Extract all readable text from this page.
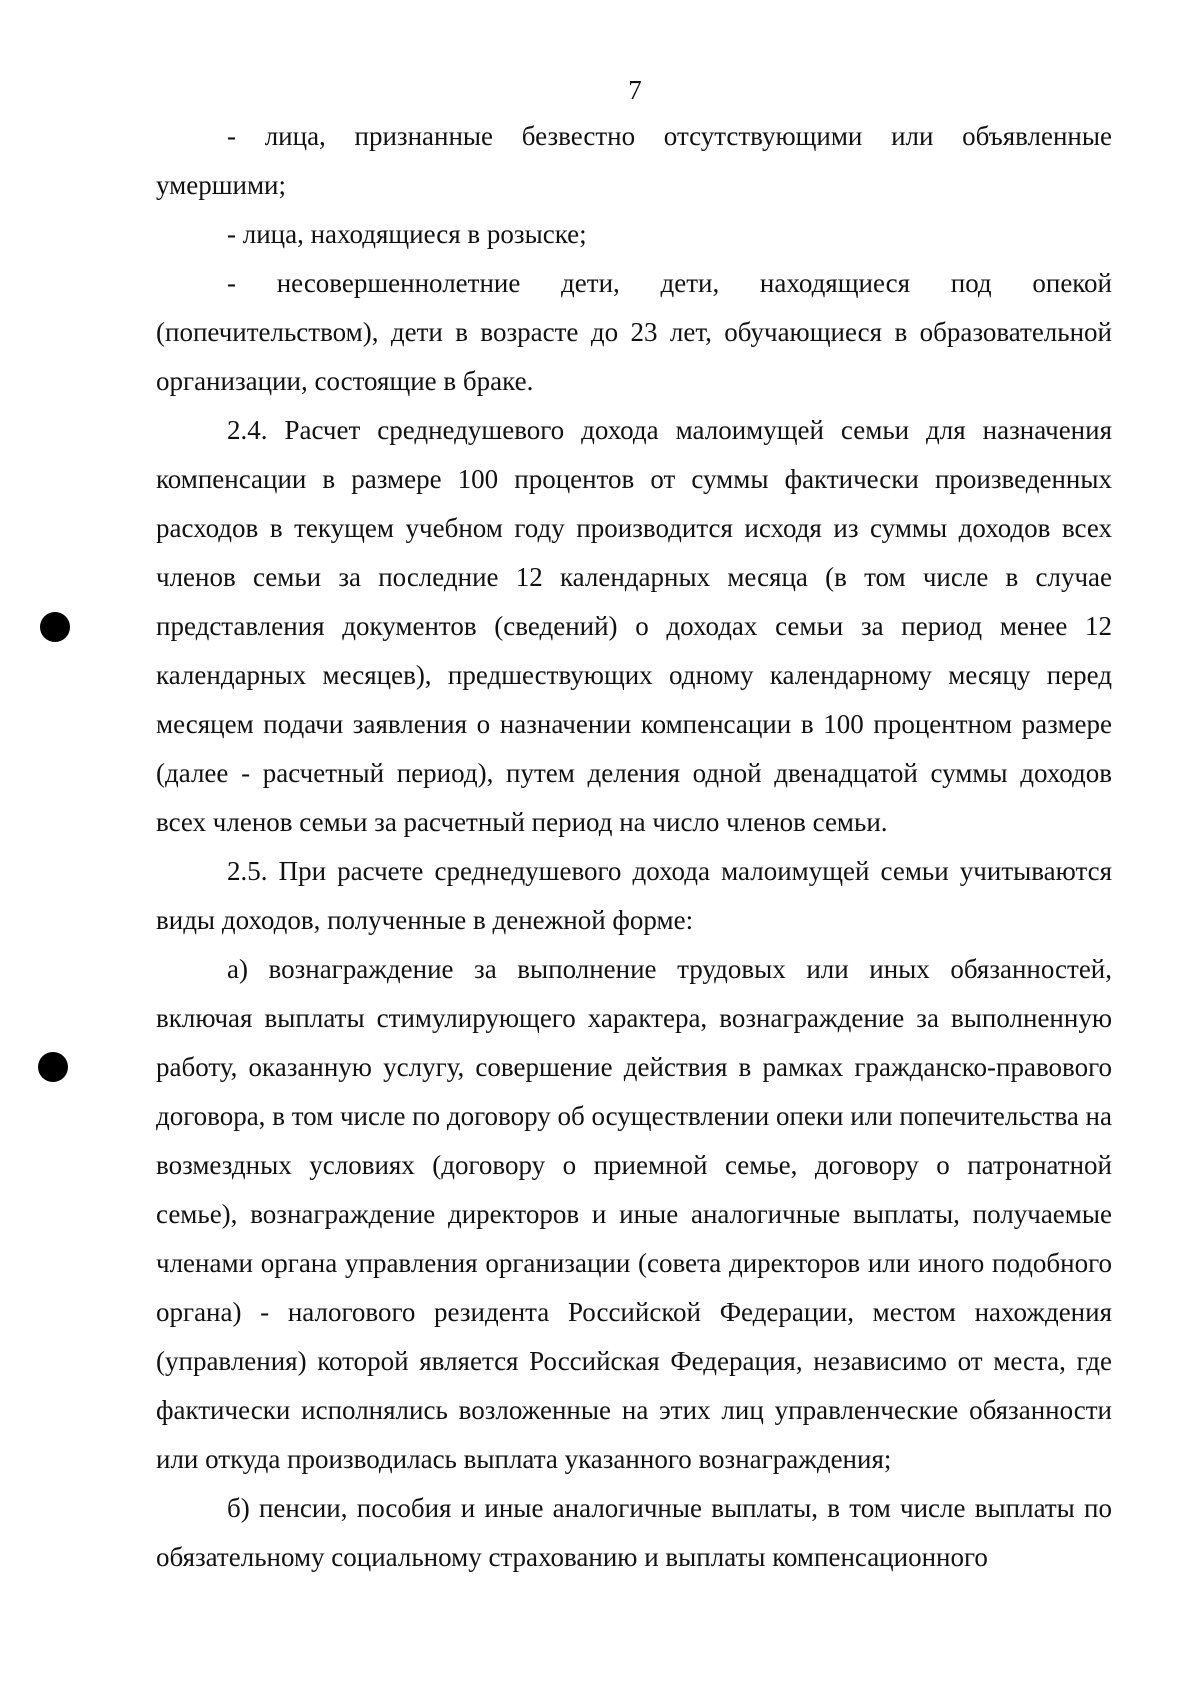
7

- лица, признанные безвестно отсутствующими или объявленные умершими;

- лица, находящиеся в розыске;

- несовершеннолетние дети, дети, находящиеся под опекой (попечительством), дети в возрасте до 23 лет, обучающиеся в образовательной организации, состоящие в браке.

2.4. Расчет среднедушевого дохода малоимущей семьи для назначения компенсации в размере 100 процентов от суммы фактически произведенных расходов в текущем учебном году производится исходя из суммы доходов всех членов семьи за последние 12 календарных месяца (в том числе в случае представления документов (сведений) о доходах семьи за период менее 12 календарных месяцев), предшествующих одному календарному месяцу перед месяцем подачи заявления о назначении компенсации в 100 процентном размере (далее - расчетный период), путем деления одной двенадцатой суммы доходов всех членов семьи за расчетный период на число членов семьи.

2.5. При расчете среднедушевого дохода малоимущей семьи учитываются виды доходов, полученные в денежной форме:

а) вознаграждение за выполнение трудовых или иных обязанностей, включая выплаты стимулирующего характера, вознаграждение за выполненную работу, оказанную услугу, совершение действия в рамках гражданско-правового договора, в том числе по договору об осуществлении опеки или попечительства на возмездных условиях (договору о приемной семье, договору о патронатной семье), вознаграждение директоров и иные аналогичные выплаты, получаемые членами органа управления организации (совета директоров или иного подобного органа) - налогового резидента Российской Федерации, местом нахождения (управления) которой является Российская Федерация, независимо от места, где фактически исполнялись возложенные на этих лиц управленческие обязанности или откуда производилась выплата указанного вознаграждения;

б) пенсии, пособия и иные аналогичные выплаты, в том числе выплаты по обязательному социальному страхованию и выплаты компенсационного
